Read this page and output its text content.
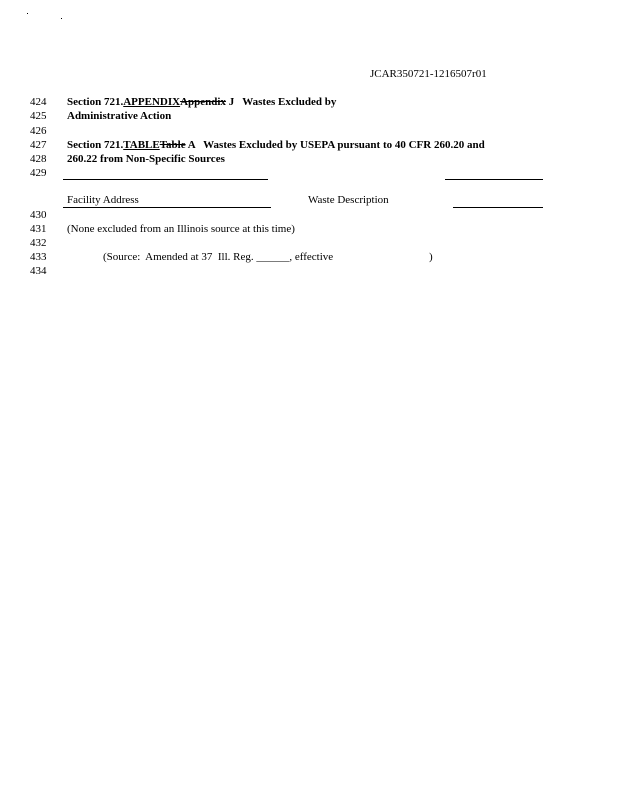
JCAR350721-1216507r01
424
425
426
427
428
429
430
431
432
433
434
Section 721.APPENDIXAppendix J   Wastes Excluded by
Administrative Action
Section 721.TABLETable A   Wastes Excluded by USEPA pursuant to 40 CFR 260.20 and
260.22 from Non-Specific Sources
Facility Address	Waste Description
(None excluded from an Illinois source at this time)
(Source:  Amended at 37  Ill. Reg. ______, effective	)
